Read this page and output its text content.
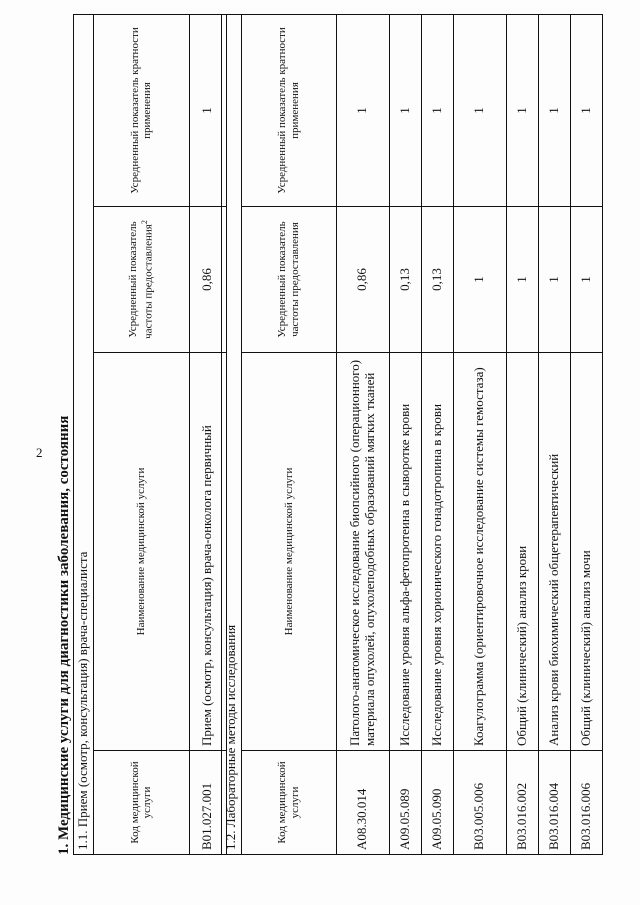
2 1. Медицинские услуги для диагностики заболевания, состояния 1.1. Прием (осмотр, консультация) врача-специалиста			
Код медицинской услуги	Наименование медицинской услуги	Усредненный показатель частоты предоставления$^2$	Усредненный показатель кратности применения
B01.027.001	Прием (осмотр, консультация) врача-онколога первичный	0,86	1
1.2. Лабораторные методы исследования			
Код медицинской услуги	Наименование медицинской услуги	Усредненный показатель частоты предоставления	Усредненный показатель кратности применения
A08.30.014	Патолого-анатомическое исследование биопсийного (операционного) материала опухолей, опухолеподобных образований мягких тканей	0,86	1
A09.05.089	Исследование уровня альфа-фетопротеина в сыворотке крови	0,13	1
A09.05.090	Исследование уровня хорионического гонадотропина в крови	0,13	1
B03.005.006	Коагулограмма (ориентировочное исследование системы гемостаза)	1	1
B03.016.002	Общий (клинический) анализ крови	1	1
B03.016.004	Анализ крови биохимический общетерапевтический	1	1
B03.016.006	Общий (клинический) анализ мочи	1	1
